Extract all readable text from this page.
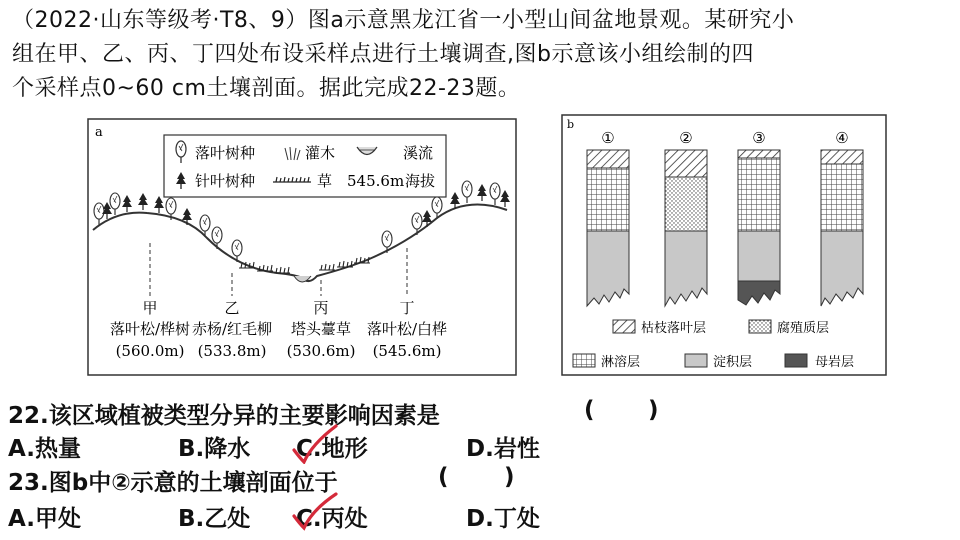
（2022·山东等级考·T8、9）图a示意黑龙江省一小型山间盆地景观。某研究小
组在甲、乙、丙、丁四处布设采样点进行土壤调查,图b示意该小组绘制的四
个采样点0~60 cm土壤剖面。据此完成22-23题。
a
落叶树种	灌木	溪流
针叶树种	草 545.6m 海拔
甲
落叶松/桦树
(560.0m)
乙
赤杨/红毛柳
(533.8m)
丙
塔头薹草
(530.6m)
丁
落叶松/白桦
(545.6m)
b
①	②	③	④
枯枝落叶层	腐殖质层
淋溶层	淀积层	母岩层
22.该区域植被类型分异的主要影响因素是	( )
A.热量	B.降水 C.地形	D.岩性
23.图b中②示意的土壤剖面位于	( )
A.甲处	B.乙处 C.丙处	D.丁处
